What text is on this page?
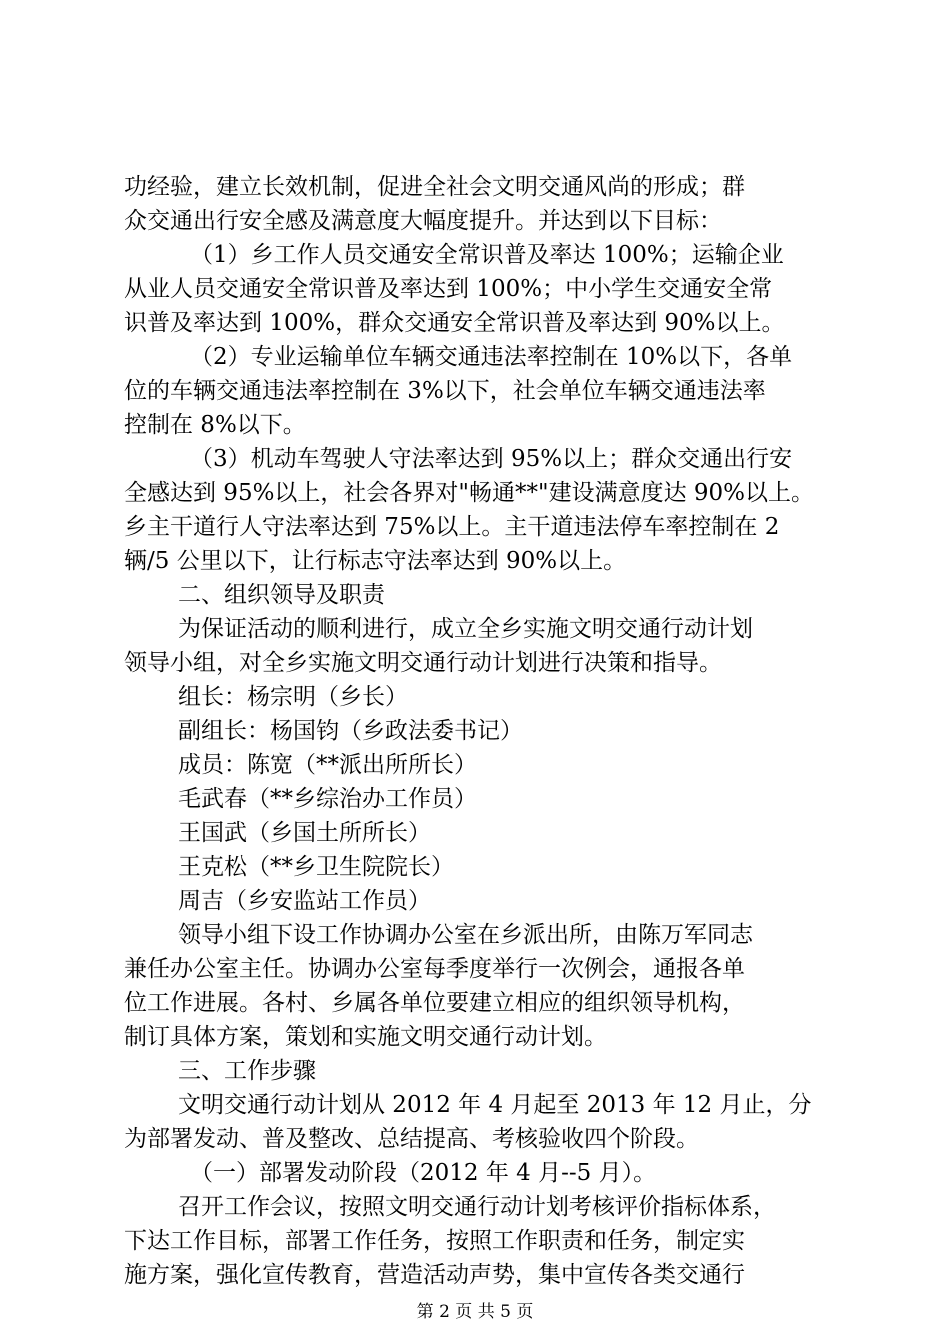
功经验，建立长效机制，促进全社会文明交通风尚的形成；群
众交通出行安全感及满意度大幅度提升。并达到以下目标：
（1）乡工作人员交通安全常识普及率达 100%；运输企业
从业人员交通安全常识普及率达到 100%；中小学生交通安全常
识普及率达到 100%，群众交通安全常识普及率达到 90%以上。
（2）专业运输单位车辆交通违法率控制在 10%以下，各单
位的车辆交通违法率控制在 3%以下，社会单位车辆交通违法率
控制在 8%以下。
（3）机动车驾驶人守法率达到 95%以上；群众交通出行安
全感达到 95%以上，社会各界对"畅通**"建设满意度达 90%以上。
乡主干道行人守法率达到 75%以上。主干道违法停车率控制在 2
辆/5 公里以下，让行标志守法率达到 90%以上。
二、组织领导及职责
为保证活动的顺利进行，成立全乡实施文明交通行动计划
领导小组，对全乡实施文明交通行动计划进行决策和指导。
组长：杨宗明（乡长）
副组长：杨国钧（乡政法委书记）
成员：陈宽（**派出所所长）
毛武春（**乡综治办工作员）
王国武（乡国土所所长）
王克松（**乡卫生院院长）
周吉（乡安监站工作员）
领导小组下设工作协调办公室在乡派出所，由陈万军同志
兼任办公室主任。协调办公室每季度举行一次例会，通报各单
位工作进展。各村、乡属各单位要建立相应的组织领导机构，
制订具体方案，策划和实施文明交通行动计划。
三、工作步骤
文明交通行动计划从 2012 年 4 月起至 2013 年 12 月止，分
为部署发动、普及整改、总结提高、考核验收四个阶段。
（一）部署发动阶段（2012 年 4 月--5 月）。
召开工作会议，按照文明交通行动计划考核评价指标体系，
下达工作目标，部署工作任务，按照工作职责和任务，制定实
施方案，强化宣传教育，营造活动声势，集中宣传各类交通行
第 2 页 共 5 页
